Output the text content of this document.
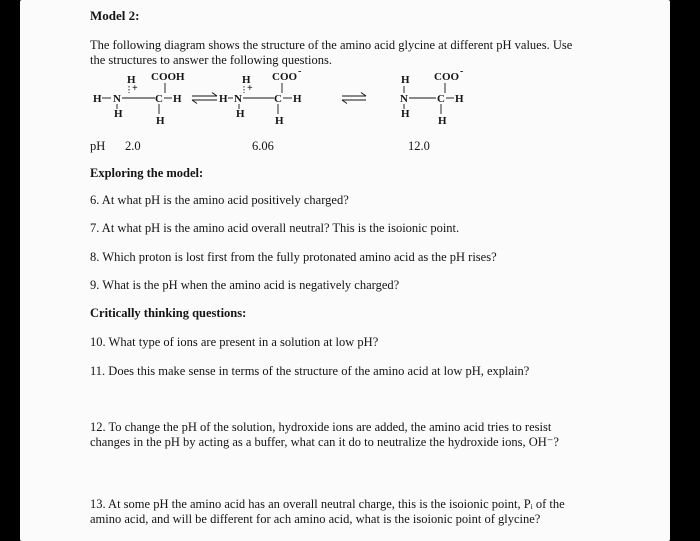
Model 2:
The following diagram shows the structure of the amino acid glycine at different pH values. Use
the structures to answer the following questions.
H COOH
+
H N	C H
H
H
H COO -
+
H N	C H
H
H
H COO -
N	C H
H
H
pH 2.0	6.06	12.0
Exploring the model:
6. At what pH is the amino acid positively charged?
7. At what pH is the amino acid overall neutral? This is the isoionic point.
8. Which proton is lost first from the fully protonated amino acid as the pH rises?
9. What is the pH when the amino acid is negatively charged?
Critically thinking questions:
10. What type of ions are present in a solution at low pH?
11. Does this make sense in terms of the structure of the amino acid at low pH, explain?
12. To change the pH of the solution, hydroxide ions are added, the amino acid tries to resist
changes in the pH by acting as a buffer, what can it do to neutralize the hydroxide ions, OH⁻?
13. At some pH the amino acid has an overall neutral charge, this is the isoionic point, Pᵢ of the
amino acid, and will be different for ach amino acid, what is the isoionic point of glycine?
